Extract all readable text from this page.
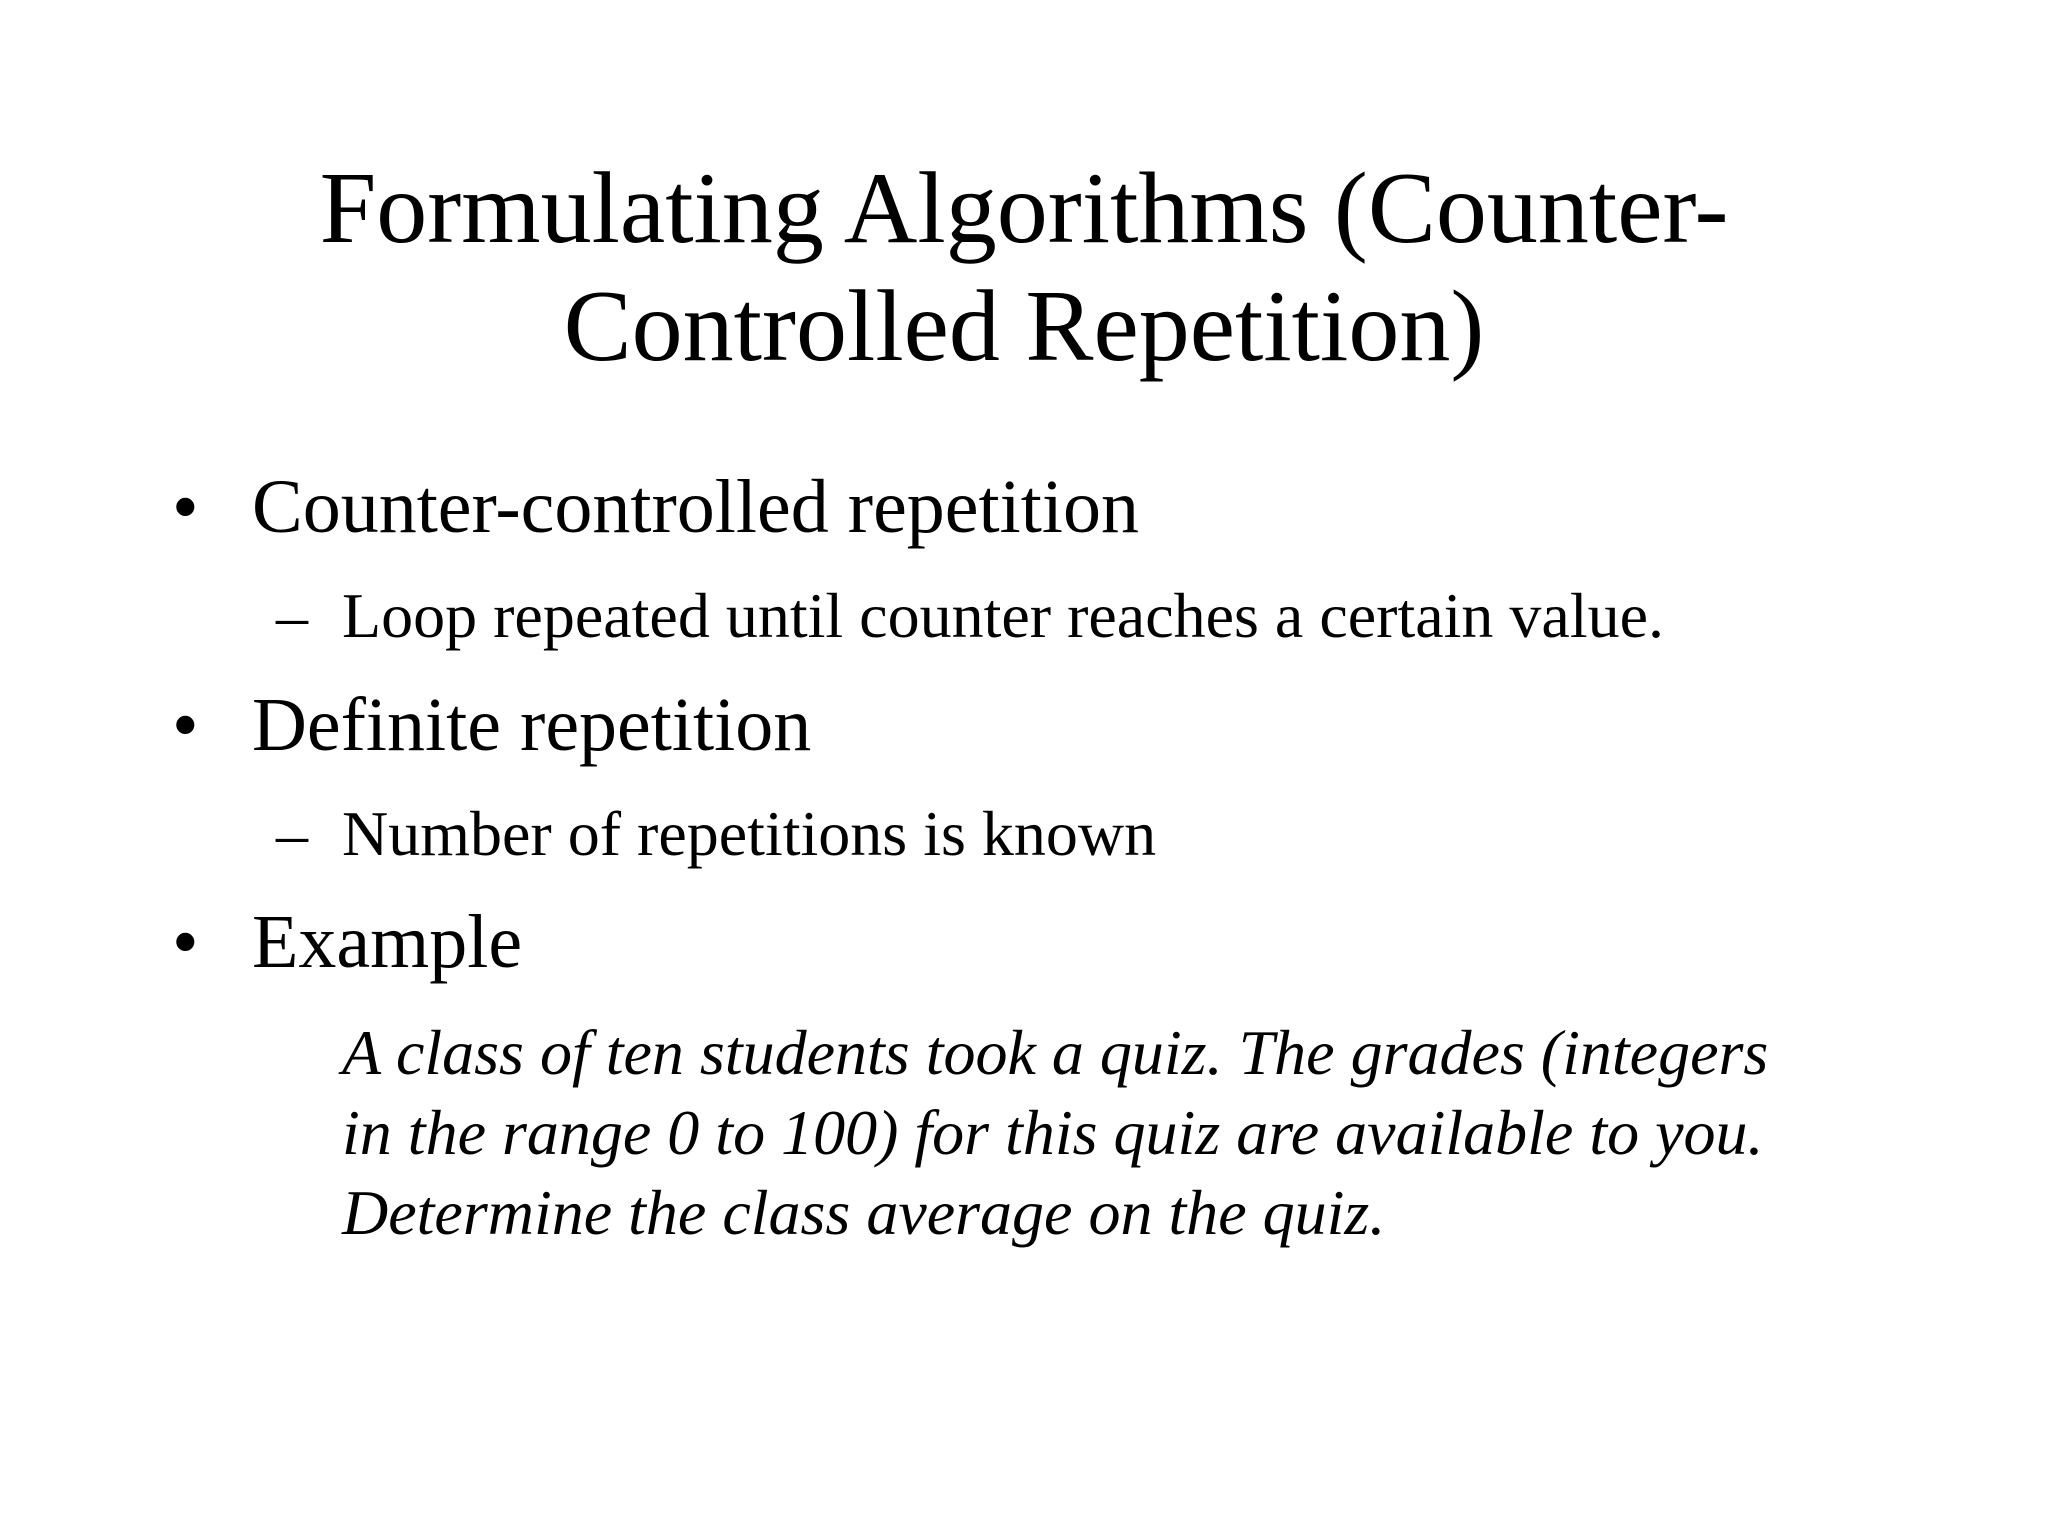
Formulating Algorithms (Counter-
Controlled Repetition)
• Counter-controlled repetition
– Loop repeated until counter reaches a certain value.
• Definite repetition
– Number of repetitions is known
• Example
A class of ten students took a quiz. The grades (integers
in the range 0 to 100) for this quiz are available to you.
Determine the class average on the quiz.
